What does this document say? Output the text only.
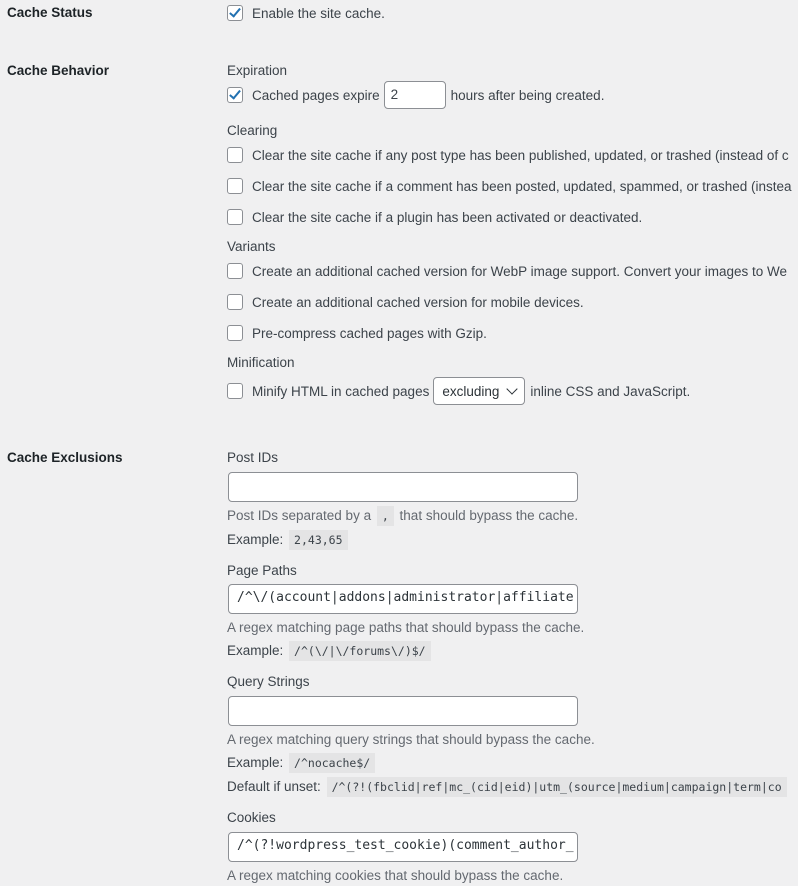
Cache Status	Enable the site cache.
Cache Behavior	Expiration
Cached pages expire 2	hours after being created.
Clearing
Clear the site cache if any post type has been published, updated, or trashed (instead of c
Clear the site cache if a comment has been posted, updated, spammed, or trashed (instea
Clear the site cache if a plugin has been activated or deactivated.
Variants
Create an additional cached version for WebP image support. Convert your images to We
Create an additional cached version for mobile devices.
Pre-compress cached pages with Gzip.
Minification
Minify HTML in cached pages excluding inline CSS and JavaScript.
Cache Exclusions	Post IDs
Post IDs separated by a , that should bypass the cache.
Example: 2,43,65
Page Paths
/^\/(account|addons|administrator|affiliate
A regex matching page paths that should bypass the cache.
Example: /^(\/|\/forums\/)$/
Query Strings
A regex matching query strings that should bypass the cache.
Example: /^nocache$/
Default if unset: /^(?!(fbclid|ref|mc_(cid|eid)|utm_(source|medium|campaign|term|co
Cookies
/^(?!wordpress_test_cookie)(comment_author_
A regex matching cookies that should bypass the cache.
